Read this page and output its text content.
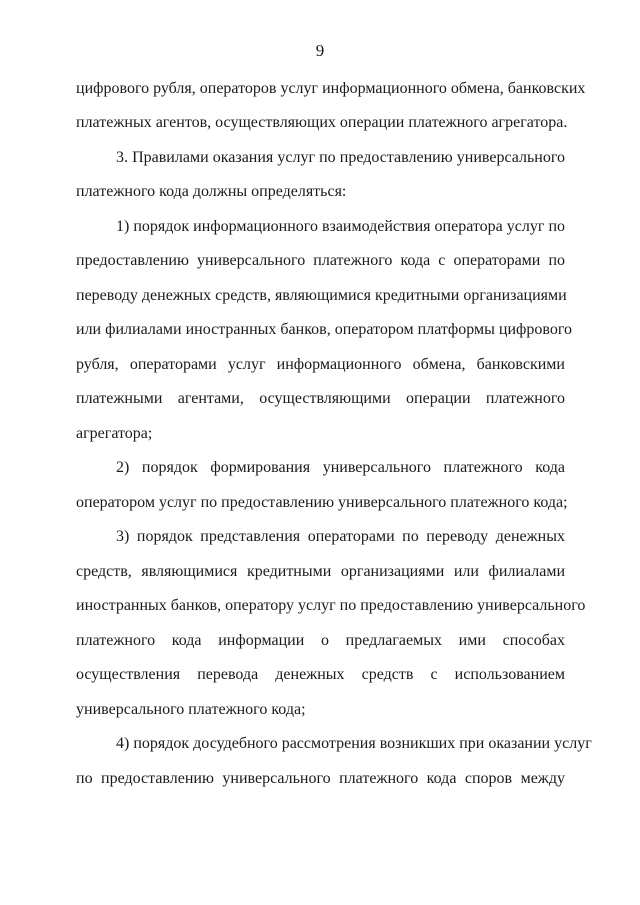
9
цифрового рубля, операторов услуг информационного обмена, банковских
платежных агентов, осуществляющих операции платежного агрегатора.
3. Правилами оказания услуг по предоставлению универсального
платежного кода должны определяться:
1) порядок информационного взаимодействия оператора услуг по
предоставлению универсального платежного кода с операторами по
переводу денежных средств, являющимися кредитными организациями
или филиалами иностранных банков, оператором платформы цифрового
рубля, операторами услуг информационного обмена, банковскими
платежными агентами, осуществляющими операции платежного
агрегатора;
2) порядок формирования универсального платежного кода
оператором услуг по предоставлению универсального платежного кода;
3) порядок представления операторами по переводу денежных
средств, являющимися кредитными организациями или филиалами
иностранных банков, оператору услуг по предоставлению универсального
платежного кода информации о предлагаемых ими способах
осуществления перевода денежных средств с использованием
универсального платежного кода;
4) порядок досудебного рассмотрения возникших при оказании услуг
по предоставлению универсального платежного кода споров между
